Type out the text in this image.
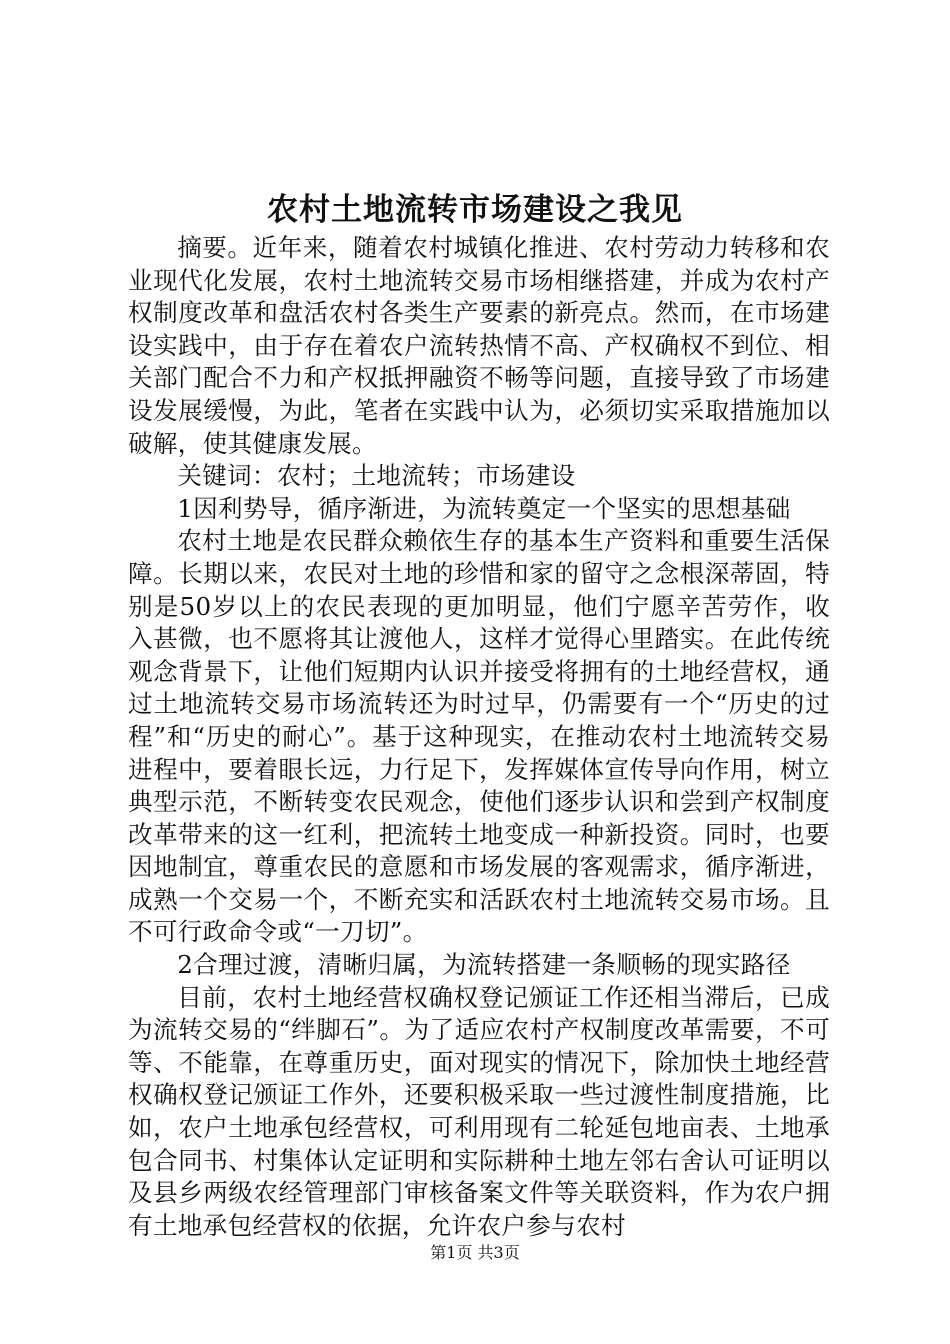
农村土地流转市场建设之我见

摘要。近年来，随着农村城镇化推进、农村劳动力转移和农业现代化发展，农村土地流转交易市场相继搭建，并成为农村产权制度改革和盘活农村各类生产要素的新亮点。然而，在市场建设实践中，由于存在着农户流转热情不高、产权确权不到位、相关部门配合不力和产权抵押融资不畅等问题，直接导致了市场建设发展缓慢，为此，笔者在实践中认为，必须切实采取措施加以破解，使其健康发展。

关键词：农村；土地流转；市场建设

1因利势导，循序渐进，为流转奠定一个坚实的思想基础

农村土地是农民群众赖依生存的基本生产资料和重要生活保障。长期以来，农民对土地的珍惜和家的留守之念根深蒂固，特别是50岁以上的农民表现的更加明显，他们宁愿辛苦劳作，收入甚微，也不愿将其让渡他人，这样才觉得心里踏实。在此传统观念背景下，让他们短期内认识并接受将拥有的土地经营权，通过土地流转交易市场流转还为时过早，仍需要有一个“历史的过程”和“历史的耐心”。基于这种现实，在推动农村土地流转交易进程中，要着眼长远，力行足下，发挥媒体宣传导向作用，树立典型示范，不断转变农民观念，使他们逐步认识和尝到产权制度改革带来的这一红利，把流转土地变成一种新投资。同时，也要因地制宜，尊重农民的意愿和市场发展的客观需求，循序渐进，成熟一个交易一个，不断充实和活跃农村土地流转交易市场。且不可行政命令或“一刀切”。

2合理过渡，清晰归属，为流转搭建一条顺畅的现实路径

目前，农村土地经营权确权登记颁证工作还相当滞后，已成为流转交易的“绊脚石”。为了适应农村产权制度改革需要，不可等、不能靠，在尊重历史，面对现实的情况下，除加快土地经营权确权登记颁证工作外，还要积极采取一些过渡性制度措施，比如，农户土地承包经营权，可利用现有二轮延包地亩表、土地承包合同书、村集体认定证明和实际耕种土地左邻右舍认可证明以及县乡两级农经管理部门审核备案文件等关联资料，作为农户拥有土地承包经营权的依据，允许农户参与农村

第1页 共3页
